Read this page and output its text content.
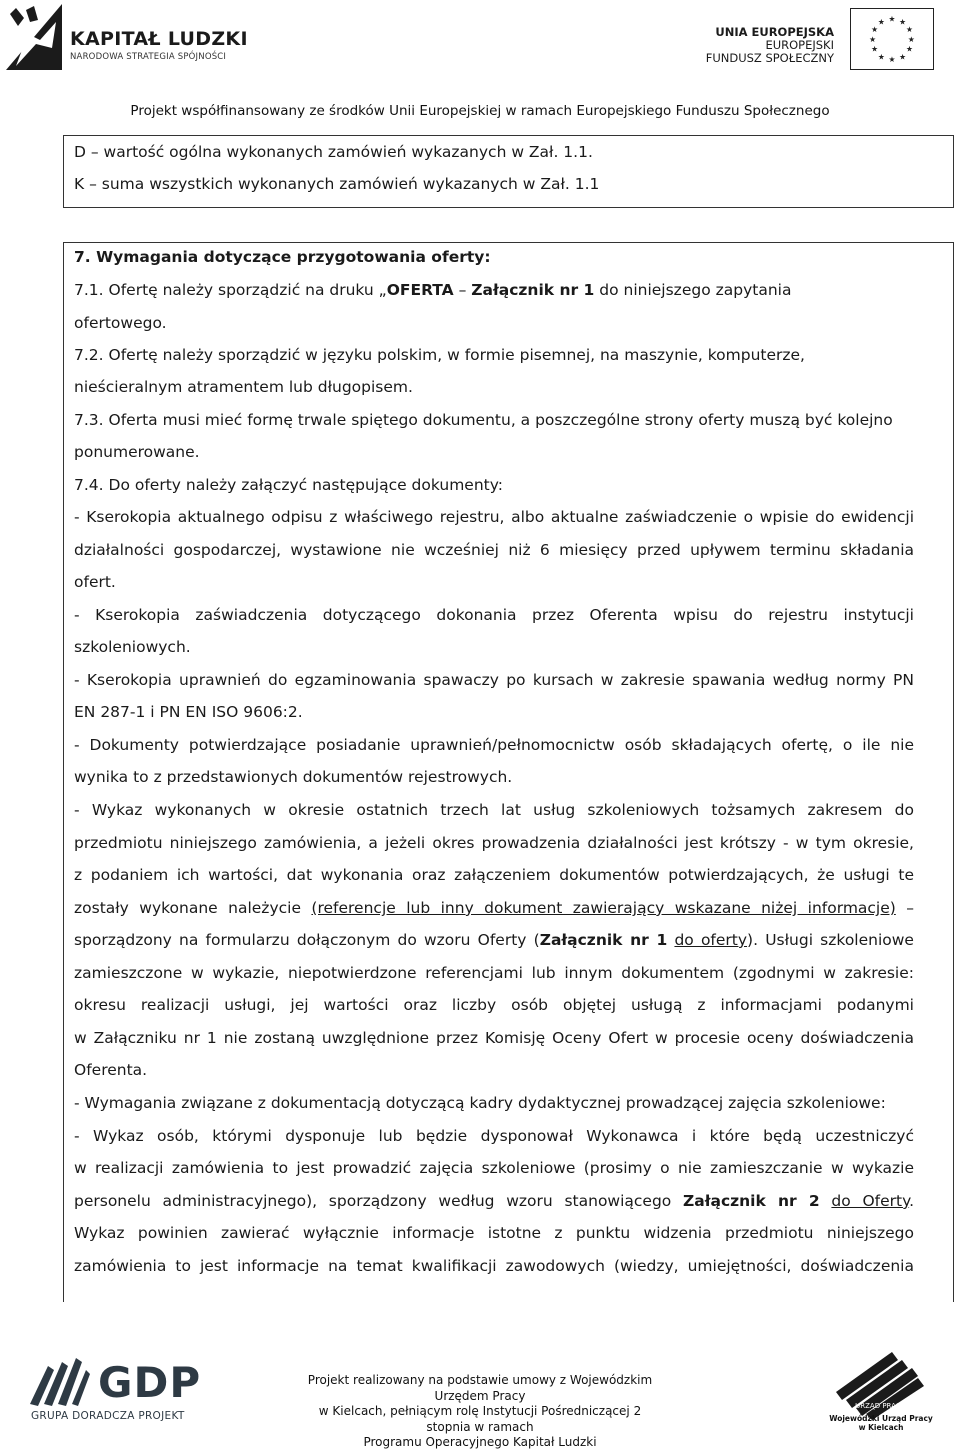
KAPITAŁ LUDZKI
NARODOWA STRATEGIA SPÓJNOŚCI
UNIA EUROPEJSKA
EUROPEJSKI
FUNDUSZ SPOŁECZNY
★ ★
★
★
★
★
★
★
★
★
★
★
Projekt współfinansowany ze środków Unii Europejskiej w ramach Europejskiego Funduszu Społecznego
D – wartość ogólna wykonanych zamówień wykazanych w Zał. 1.1.
K – suma wszystkich wykonanych zamówień wykazanych w Zał. 1.1
7. Wymagania dotyczące przygotowania oferty:
7.1. Ofertę należy sporządzić na druku „OFERTA – Załącznik nr 1 do niniejszego zapytania
ofertowego.
7.2. Ofertę należy sporządzić w języku polskim, w formie pisemnej, na maszynie, komputerze,
nieścieralnym atramentem lub długopisem.
7.3. Oferta musi mieć formę trwale spiętego dokumentu, a poszczególne strony oferty muszą być kolejno
ponumerowane.
7.4. Do oferty należy załączyć następujące dokumenty:
- Kserokopia aktualnego odpisu z właściwego rejestru, albo aktualne zaświadczenie o wpisie do ewidencji
działalności gospodarczej, wystawione nie wcześniej niż 6 miesięcy przed upływem terminu składania
ofert.
- Kserokopia zaświadczenia dotyczącego dokonania przez Oferenta wpisu do rejestru instytucji
szkoleniowych.
- Kserokopia uprawnień do egzaminowania spawaczy po kursach w zakresie spawania według normy PN
EN 287-1 i PN EN ISO 9606:2.
- Dokumenty potwierdzające posiadanie uprawnień/pełnomocnictw osób składających ofertę, o ile nie
wynika to z przedstawionych dokumentów rejestrowych.
- Wykaz wykonanych w okresie ostatnich trzech lat usług szkoleniowych tożsamych zakresem do
przedmiotu niniejszego zamówienia, a jeżeli okres prowadzenia działalności jest krótszy - w tym okresie,
z podaniem ich wartości, dat wykonania oraz załączeniem dokumentów potwierdzających, że usługi te
zostały wykonane należycie (referencje lub inny dokument zawierający wskazane niżej informacje) –
sporządzony na formularzu dołączonym do wzoru Oferty (Załącznik nr 1 do oferty). Usługi szkoleniowe
zamieszczone w wykazie, niepotwierdzone referencjami lub innym dokumentem (zgodnymi w zakresie:
okresu realizacji usługi, jej wartości oraz liczby osób objętej usługą z informacjami podanymi
w Załączniku nr 1 nie zostaną uwzględnione przez Komisję Oceny Ofert w procesie oceny doświadczenia
Oferenta.
- Wymagania związane z dokumentacją dotyczącą kadry dydaktycznej prowadzącej zajęcia szkoleniowe:
- Wykaz osób, którymi dysponuje lub będzie dysponował Wykonawca i które będą uczestniczyć
w realizacji zamówienia to jest prowadzić zajęcia szkoleniowe (prosimy o nie zamieszczanie w wykazie
personelu administracyjnego), sporządzony według wzoru stanowiącego Załącznik nr 2 do Oferty.
Wykaz powinien zawierać wyłącznie informacje istotne z punktu widzenia przedmiotu niniejszego
zamówienia to jest informacje na temat kwalifikacji zawodowych (wiedzy, umiejętności, doświadczenia
GDP
GRUPA DORADCZA PROJEKT
Projekt realizowany na podstawie umowy z Wojewódzkim Urzędem Pracy
w Kielcach, pełniącym rolę Instytucji Pośredniczącej 2 stopnia w ramach
Programu Operacyjnego Kapitał Ludzki
URZĄD PRACY
Wojewódzki Urząd Pracy
w Kielcach
